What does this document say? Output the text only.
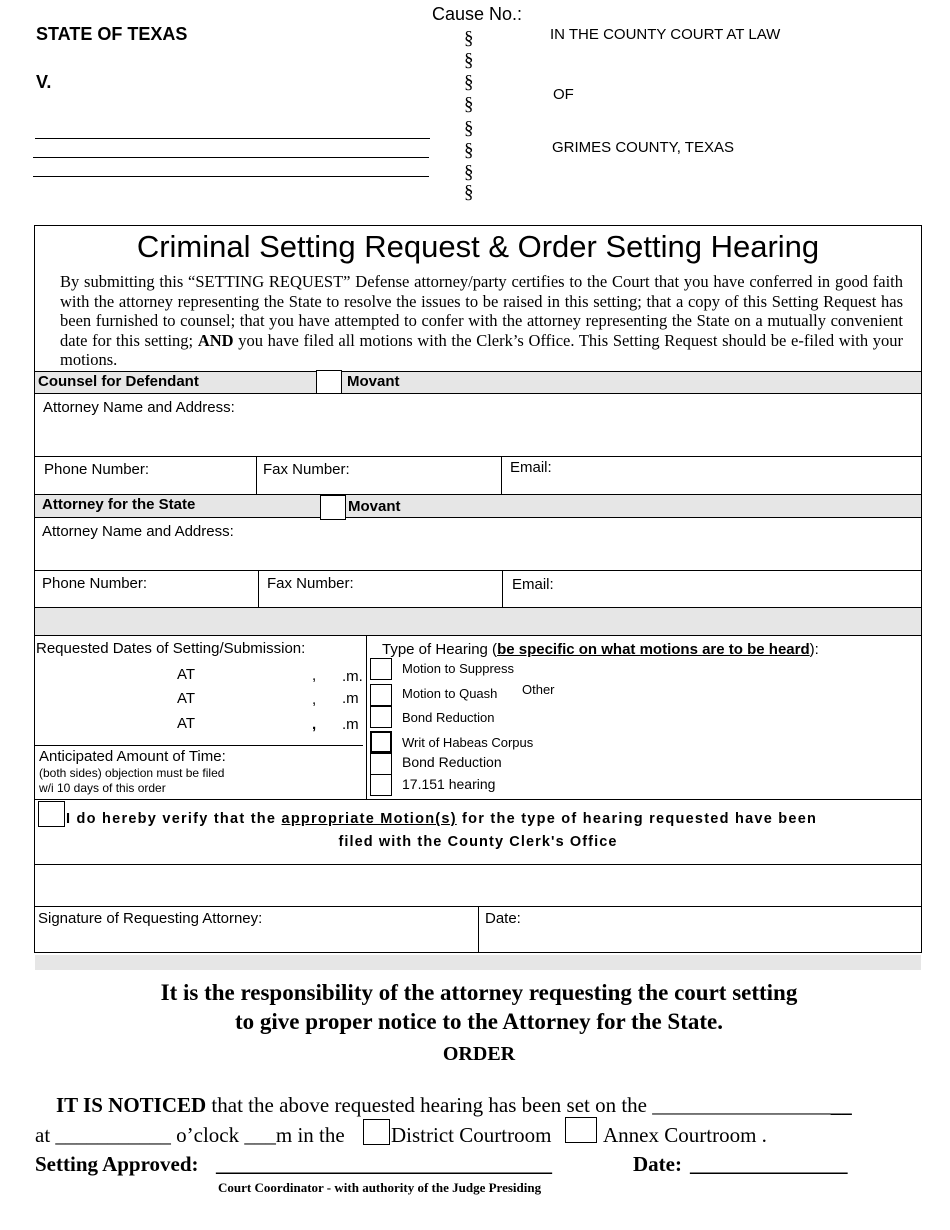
Cause No.:
STATE OF TEXAS
V.
§
§
§
§
§
§
§
§
IN THE COUNTY COURT AT LAW
OF
GRIMES COUNTY, TEXAS
Criminal Setting Request & Order Setting Hearing
By submitting this “SETTING REQUEST” Defense attorney/party certifies to the Court that you have conferred in good faith with the attorney representing the State to resolve the issues to be raised in this setting; that a copy of this Setting Request has been furnished to counsel; that you have attempted to confer with the attorney representing the State on a mutually convenient date for this setting; AND you have filed all motions with the Clerk’s Office. This Setting Request should be e-filed with your motions.
Counsel for Defendant	Movant
Attorney Name and Address:
Phone Number:	Fax Number:	Email:
Attorney for the State	Movant
Attorney Name and Address:
Phone Number:	Fax Number:	Email:
Requested Dates of Setting/Submission:
AT	, .m.
AT	, .m
AT	, .m
Anticipated Amount of Time:
(both sides) objection must be filed
w/i 10 days of this order
Type of Hearing (be specific on what motions are to be heard):
Motion to Suppress
Motion to Quash Other
Bond Reduction
Writ of Habeas Corpus
Bond Reduction
17.151 hearing
I do hereby verify that the appropriate Motion(s) for the type of hearing requested have been
filed with the County Clerk's Office
Signature of Requesting Attorney:	Date:
It is the responsibility of the attorney requesting the court setting
to give proper notice to the Attorney for the State.
ORDER
IT IS NOTICED that the above requested hearing has been set on the ___________________
at ___________ o’clock ___m in the District Courtroom Annex Courtroom .
Setting Approved: ________________________________	Date: _______________
Court Coordinator - with authority of the Judge Presiding
